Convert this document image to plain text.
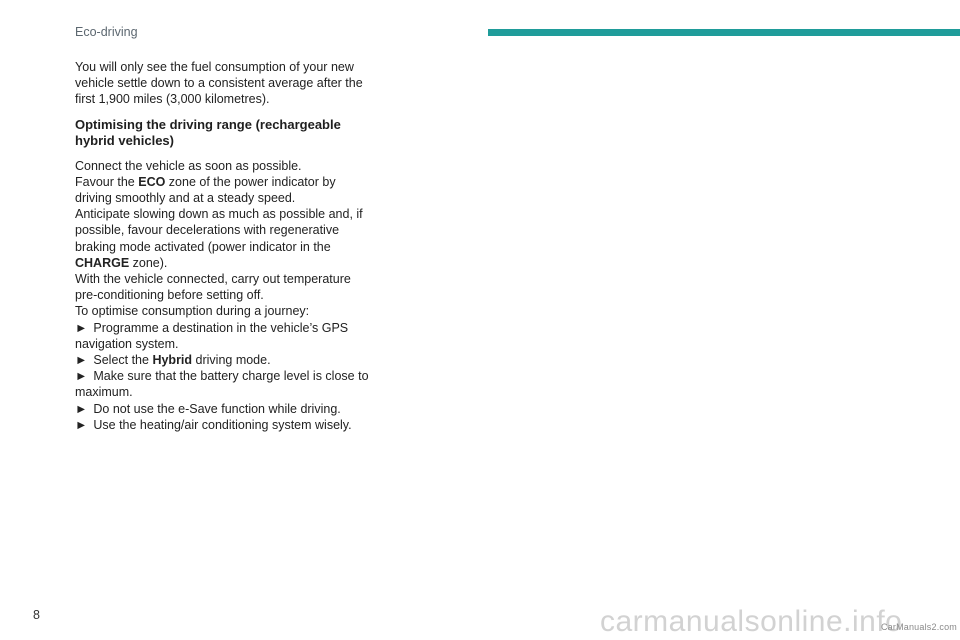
Eco-driving

You will only see the fuel consumption of your new vehicle settle down to a consistent average after the first 1,900 miles (3,000 kilometres).

Optimising the driving range (rechargeable hybrid vehicles)

Connect the vehicle as soon as possible.

Favour the ECO zone of the power indicator by driving smoothly and at a steady speed.

Anticipate slowing down as much as possible and, if possible, favour decelerations with regenerative braking mode activated (power indicator in the CHARGE zone).

With the vehicle connected, carry out temperature pre-conditioning before setting off.

To optimise consumption during a journey:

► Programme a destination in the vehicle’s GPS navigation system.

► Select the Hybrid driving mode.

► Make sure that the battery charge level is close to maximum.

► Do not use the e-Save function while driving.

► Use the heating/air conditioning system wisely.

8	carmanualsonline.info
CarManuals2.com
